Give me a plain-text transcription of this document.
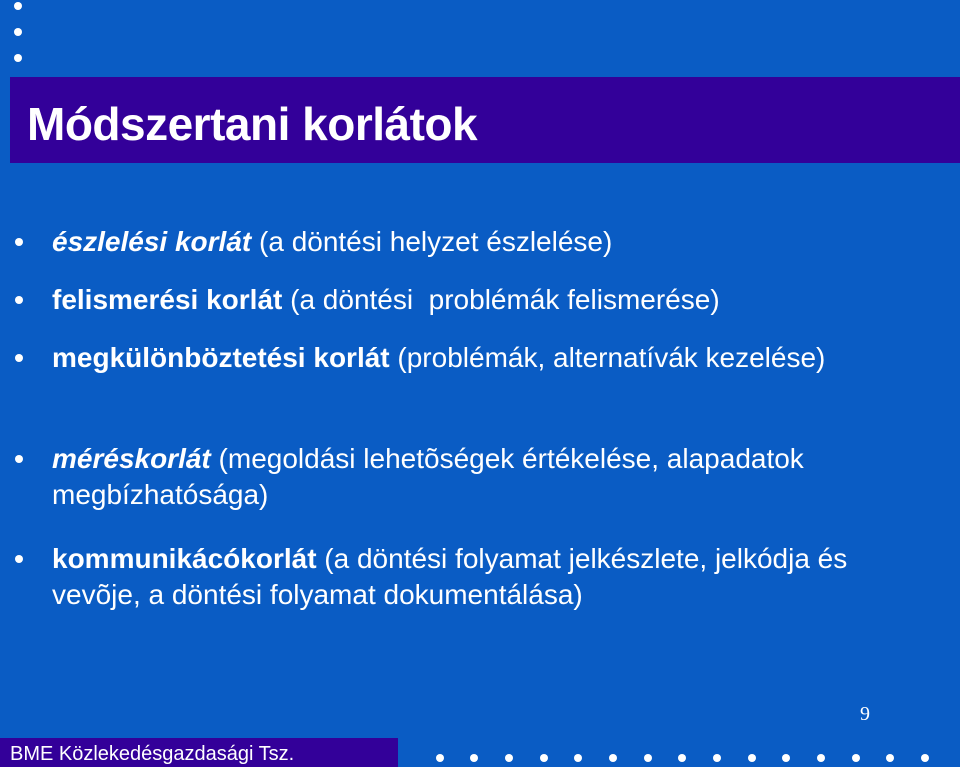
Módszertani korlátok
észlelési korlát (a döntési helyzet észlelése)
felismerési korlát (a döntési  problémák felismerése)
megkülönböztetési korlát (problémák, alternatívák kezelése)
méréskorlát (megoldási lehetõségek értékelése, alapadatok megbízhatósága)
kommunikácókorlát (a döntési folyamat jelkészlete, jelkódja és vevõje, a döntési folyamat dokumentálása)
9
BME Közlekedésgazdasági Tsz.
